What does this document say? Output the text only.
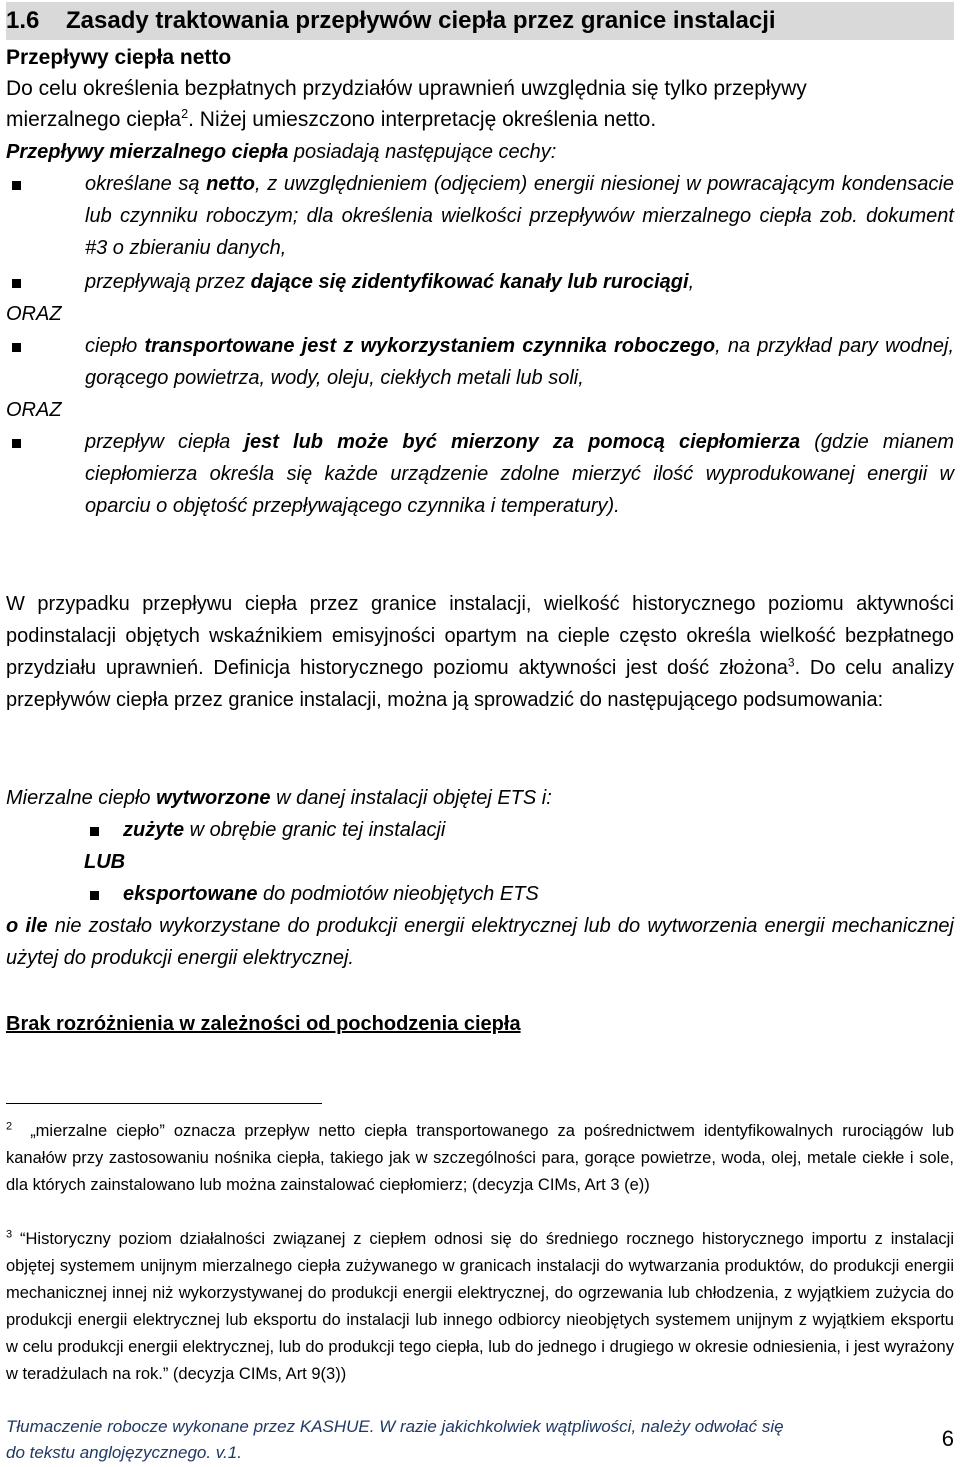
1.6 Zasady traktowania przepływów ciepła przez granice instalacji
Przepływy ciepła netto
Do celu określenia bezpłatnych przydziałów uprawnień uwzględnia się tylko przepływy
mierzalnego ciepła$^2$. Niżej umieszczono interpretację określenia netto.
Przepływy mierzalnego ciepła posiadają następujące cechy:
określane są netto, z uwzględnieniem (odjęciem) energii niesionej w powracającym kondensacie lub czynniku roboczym; dla określenia wielkości przepływów mierzalnego ciepła zob. dokument #3 o zbieraniu danych,
przepływają przez dające się zidentyfikować kanały lub rurociągi,
ORAZ
ciepło transportowane jest z wykorzystaniem czynnika roboczego, na przykład pary wodnej, gorącego powietrza, wody, oleju, ciekłych metali lub soli,
ORAZ
przepływ ciepła jest lub może być mierzony za pomocą ciepłomierza (gdzie mianem ciepłomierza określa się każde urządzenie zdolne mierzyć ilość wyprodukowanej energii w oparciu o objętość przepływającego czynnika i temperatury).
W przypadku przepływu ciepła przez granice instalacji, wielkość historycznego poziomu aktywności podinstalacji objętych wskaźnikiem emisyjności opartym na cieple często określa wielkość bezpłatnego przydziału uprawnień. Definicja historycznego poziomu aktywności jest dość złożona$^3$. Do celu analizy przepływów ciepła przez granice instalacji, można ją sprowadzić do następującego podsumowania:
Mierzalne ciepło wytworzone w danej instalacji objętej ETS i:
zużyte w obrębie granic tej instalacji
LUB
eksportowane do podmiotów nieobjętych ETS
o ile nie zostało wykorzystane do produkcji energii elektrycznej lub do wytworzenia energii mechanicznej użytej do produkcji energii elektrycznej.
Brak rozróżnienia w zależności od pochodzenia ciepła
$^2$ „mierzalne ciepło” oznacza przepływ netto ciepła transportowanego za pośrednictwem identyfikowalnych rurociągów lub kanałów przy zastosowaniu nośnika ciepła, takiego jak w szczególności para, gorące powietrze, woda, olej, metale ciekłe i sole, dla których zainstalowano lub można zainstalować ciepłomierz; (decyzja CIMs, Art 3 (e))
$^3$ “Historyczny poziom działalności związanej z ciepłem odnosi się do średniego rocznego historycznego importu z instalacji objętej systemem unijnym mierzalnego ciepła zużywanego w granicach instalacji do wytwarzania produktów, do produkcji energii mechanicznej innej niż wykorzystywanej do produkcji energii elektrycznej, do ogrzewania lub chłodzenia, z wyjątkiem zużycia do produkcji energii elektrycznej lub eksportu do instalacji lub innego odbiorcy nieobjętych systemem unijnym z wyjątkiem eksportu w celu produkcji energii elektrycznej, lub do produkcji tego ciepła, lub do jednego i drugiego w okresie odniesienia, i jest wyrażony w teradżulach na rok.” (decyzja CIMs, Art 9(3))
Tłumaczenie robocze wykonane przez KASHUE. W razie jakichkolwiek wątpliwości, należy odwołać się
do tekstu anglojęzycznego. v.1.
6
